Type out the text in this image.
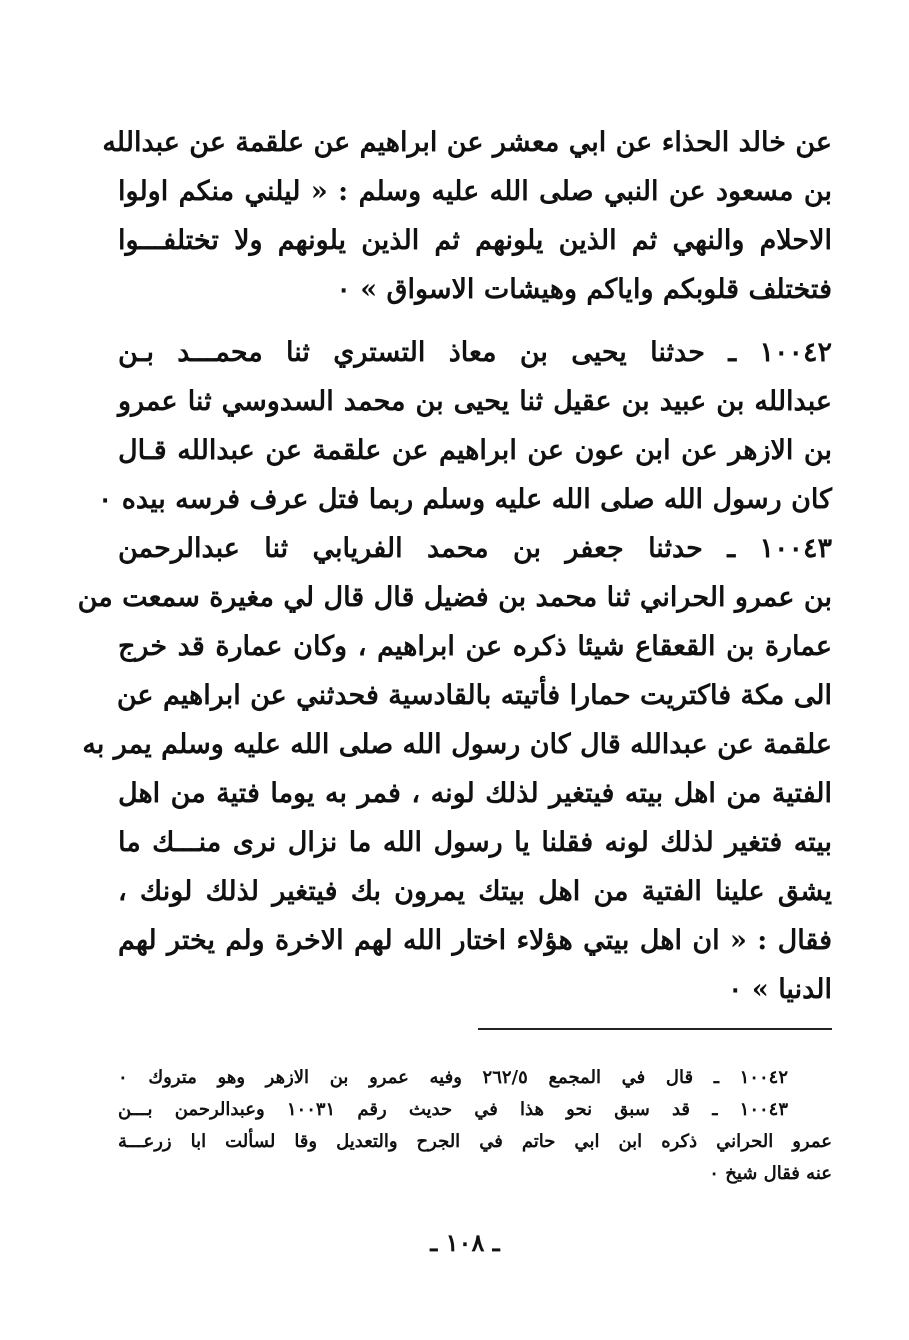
عن خالد الحذاء عن ابي معشر عن ابراهيم عن علقمة عن عبدالله
بن مسعود عن النبي صلى الله عليه وسلم : « ليلني منكم اولوا
الاحلام والنهي ثم الذين يلونهم ثم الذين يلونهم ولا تختلفـــوا
فتختلف قلوبكم واياكم وهيشات الاسواق » ٠
١٠٠٤٢ ـ حدثنا يحيى بن معاذ التستري ثنا محمـــد بـن
عبدالله بن عبيد بن عقيل ثنا يحيى بن محمد السدوسي ثنا عمرو
بن الازهر عن ابن عون عن ابراهيم عن علقمة عن عبدالله قـال
كان رسول الله صلى الله عليه وسلم ربما فتل عرف فرسه بيده ٠
١٠٠٤٣ ـ حدثنا جعفر بن محمد الفريابي ثنا عبدالرحمن
بن عمرو الحراني ثنا محمد بن فضيل قال قال لي مغيرة سمعت من
عمارة بن القعقاع شيئا ذكره عن ابراهيم ، وكان عمارة قد خرج
الى مكة فاكتريت حمارا فأتيته بالقادسية فحدثني عن ابراهيم عن
علقمة عن عبدالله قال كان رسول الله صلى الله عليه وسلم يمر به
الفتية من اهل بيته فيتغير لذلك لونه ، فمر به يوما فتية من اهل
بيته فتغير لذلك لونه فقلنا يا رسول الله ما نزال نرى منـــك ما
يشق علينا الفتية من اهل بيتك يمرون بك فيتغير لذلك لونك ،
فقال : « ان اهل بيتي هؤلاء اختار الله لهم الاخرة ولم يختر لهم
الدنيا » ٠
١٠٠٤٢ ـ قال في المجمع ٢٦٢/٥ وفيه عمرو بن الازهر وهو متروك ٠
١٠٠٤٣ ـ قد سبق نحو هذا في حديث رقم ١٠٠٣١ وعبدالرحمن بـــن
عمرو الحراني ذكره ابن ابي حاتم في الجرح والتعديل وقا لسألت ابا زرعـــة
عنه فقال شيخ ٠
ـ ١٠٨ ـ
